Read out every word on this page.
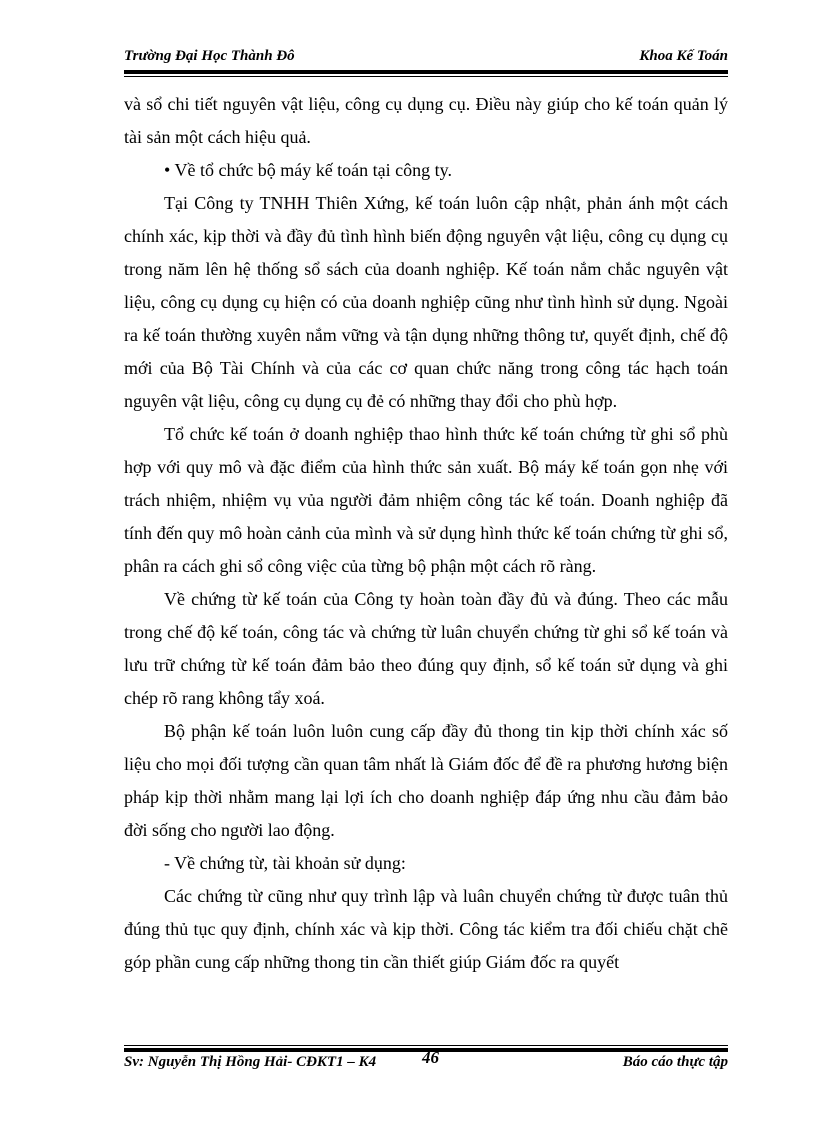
Trường Đại Học Thành Đô	Khoa Kế Toán

và sổ chi tiết nguyên vật liệu, công cụ dụng cụ. Điều này giúp cho kế toán quản lý tài sản một cách hiệu quả.

• Về tổ chức bộ máy kế toán tại công ty.

Tại Công ty TNHH Thiên Xứng, kế toán luôn cập nhật, phản ánh một cách chính xác, kịp thời và đầy đủ tình hình biến động nguyên vật liệu, công cụ dụng cụ trong năm lên hệ thống sổ sách của doanh nghiệp. Kế toán nắm chắc nguyên vật liệu, công cụ dụng cụ hiện có của doanh nghiệp cũng như tình hình sử dụng. Ngoài ra kế toán thường xuyên nắm vững và tận dụng những thông tư, quyết định, chế độ mới của Bộ Tài Chính và của các cơ quan chức năng trong công tác hạch toán nguyên vật liệu, công cụ dụng cụ đẻ có những thay đổi cho phù hợp.

Tổ chức kế toán ở doanh nghiệp thao hình thức kế toán chứng từ ghi sổ phù hợp với quy mô và đặc điểm của hình thức sản xuất. Bộ máy kế toán gọn nhẹ với trách nhiệm, nhiệm vụ vủa người đảm nhiệm công tác kế toán. Doanh nghiệp đã tính đến quy mô hoàn cảnh của mình và sử dụng hình thức kế toán chứng từ ghi sổ, phân ra cách ghi sổ công việc của từng bộ phận một cách rõ ràng.

Về chứng từ kế toán của Công ty hoàn toàn đầy đủ và đúng. Theo các mẫu trong chế độ kế toán, công tác và chứng từ luân chuyển chứng từ ghi sổ kế toán và lưu trữ chứng từ kế toán đảm bảo theo đúng quy định, sổ kế toán sử dụng và ghi chép rõ rang không tẩy xoá.

Bộ phận kế toán luôn luôn cung cấp đầy đủ thong tin kịp thời chính xác số liệu cho mọi đối tượng cần quan tâm nhất là Giám đốc để đề ra phương hương biện pháp kịp thời nhằm mang lại lợi ích cho doanh nghiệp đáp ứng nhu cầu đảm bảo đời sống cho người lao động.

- Về chứng từ, tài khoản sử dụng:

Các chứng từ cũng như quy trình lập và luân chuyển chứng từ được tuân thủ đúng thủ tục quy định, chính xác và kịp thời. Công tác kiểm tra đối chiếu chặt chẽ góp phần cung cấp những thong tin cần thiết giúp Giám đốc ra quyết

Sv: Nguyễn Thị Hồng Hải- CĐKT1 – K4	46	Báo cáo thực tập
